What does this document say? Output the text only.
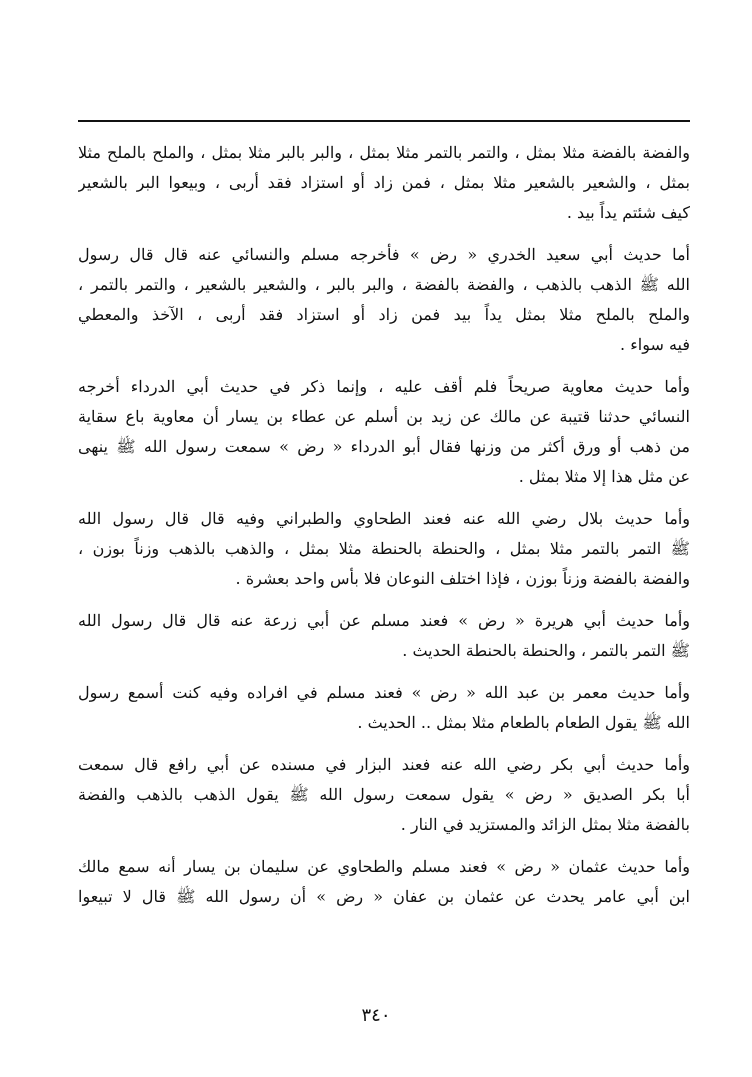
والفضة بالفضة مثلا بمثل ، والتمر بالتمر مثلا بمثل ، والبر بالبر مثلا بمثل ، والملح بالملح مثلا
بمثل ، والشعير بالشعير مثلا بمثل ، فمن زاد أو استزاد فقد أربى ، وبيعوا البر بالشعير
كيف شئتم يداً بيد .
أما حديث أبي سعيد الخدري « رض » فأخرجه مسلم والنسائي عنه قال قال رسول
الله ﷺ الذهب بالذهب ، والفضة بالفضة ، والبر بالبر ، والشعير بالشعير ، والتمر بالتمر ،
والملح بالملح مثلا بمثل يداً بيد فمن زاد أو استزاد فقد أربى ، الآخذ والمعطي
فيه سواء .
وأما حديث معاوية صريحاً فلم أقف عليه ، وإنما ذكر في حديث أبي الدرداء أخرجه
النسائي حدثنا قتيبة عن مالك عن زيد بن أسلم عن عطاء بن يسار أن معاوية باع سقاية
من ذهب أو ورق أكثر من وزنها فقال أبو الدرداء « رض » سمعت رسول الله ﷺ ينهى
عن مثل هذا إلا مثلا بمثل .
وأما حديث بلال رضي الله عنه فعند الطحاوي والطبراني وفيه قال قال رسول الله
ﷺ التمر بالتمر مثلا بمثل ، والحنطة بالحنطة مثلا بمثل ، والذهب بالذهب وزناً بوزن ،
والفضة بالفضة وزناً بوزن ، فإذا اختلف النوعان فلا بأس واحد بعشرة .
وأما حديث أبي هريرة « رض » فعند مسلم عن أبي زرعة عنه قال قال رسول الله
ﷺ التمر بالتمر ، والحنطة بالحنطة الحديث .
وأما حديث معمر بن عبد الله « رض » فعند مسلم في افراده وفيه كنت أسمع رسول
الله ﷺ يقول الطعام بالطعام مثلا بمثل .. الحديث .
وأما حديث أبي بكر رضي الله عنه فعند البزار في مسنده عن أبي رافع قال سمعت
أبا بكر الصديق « رض » يقول سمعت رسول الله ﷺ يقول الذهب بالذهب والفضة
بالفضة مثلا بمثل الزائد والمستزيد في النار .
وأما حديث عثمان « رض » فعند مسلم والطحاوي عن سليمان بن يسار أنه سمع مالك
ابن أبي عامر يحدث عن عثمان بن عفان « رض » أن رسول الله ﷺ قال لا تبيعوا
٣٤٠
